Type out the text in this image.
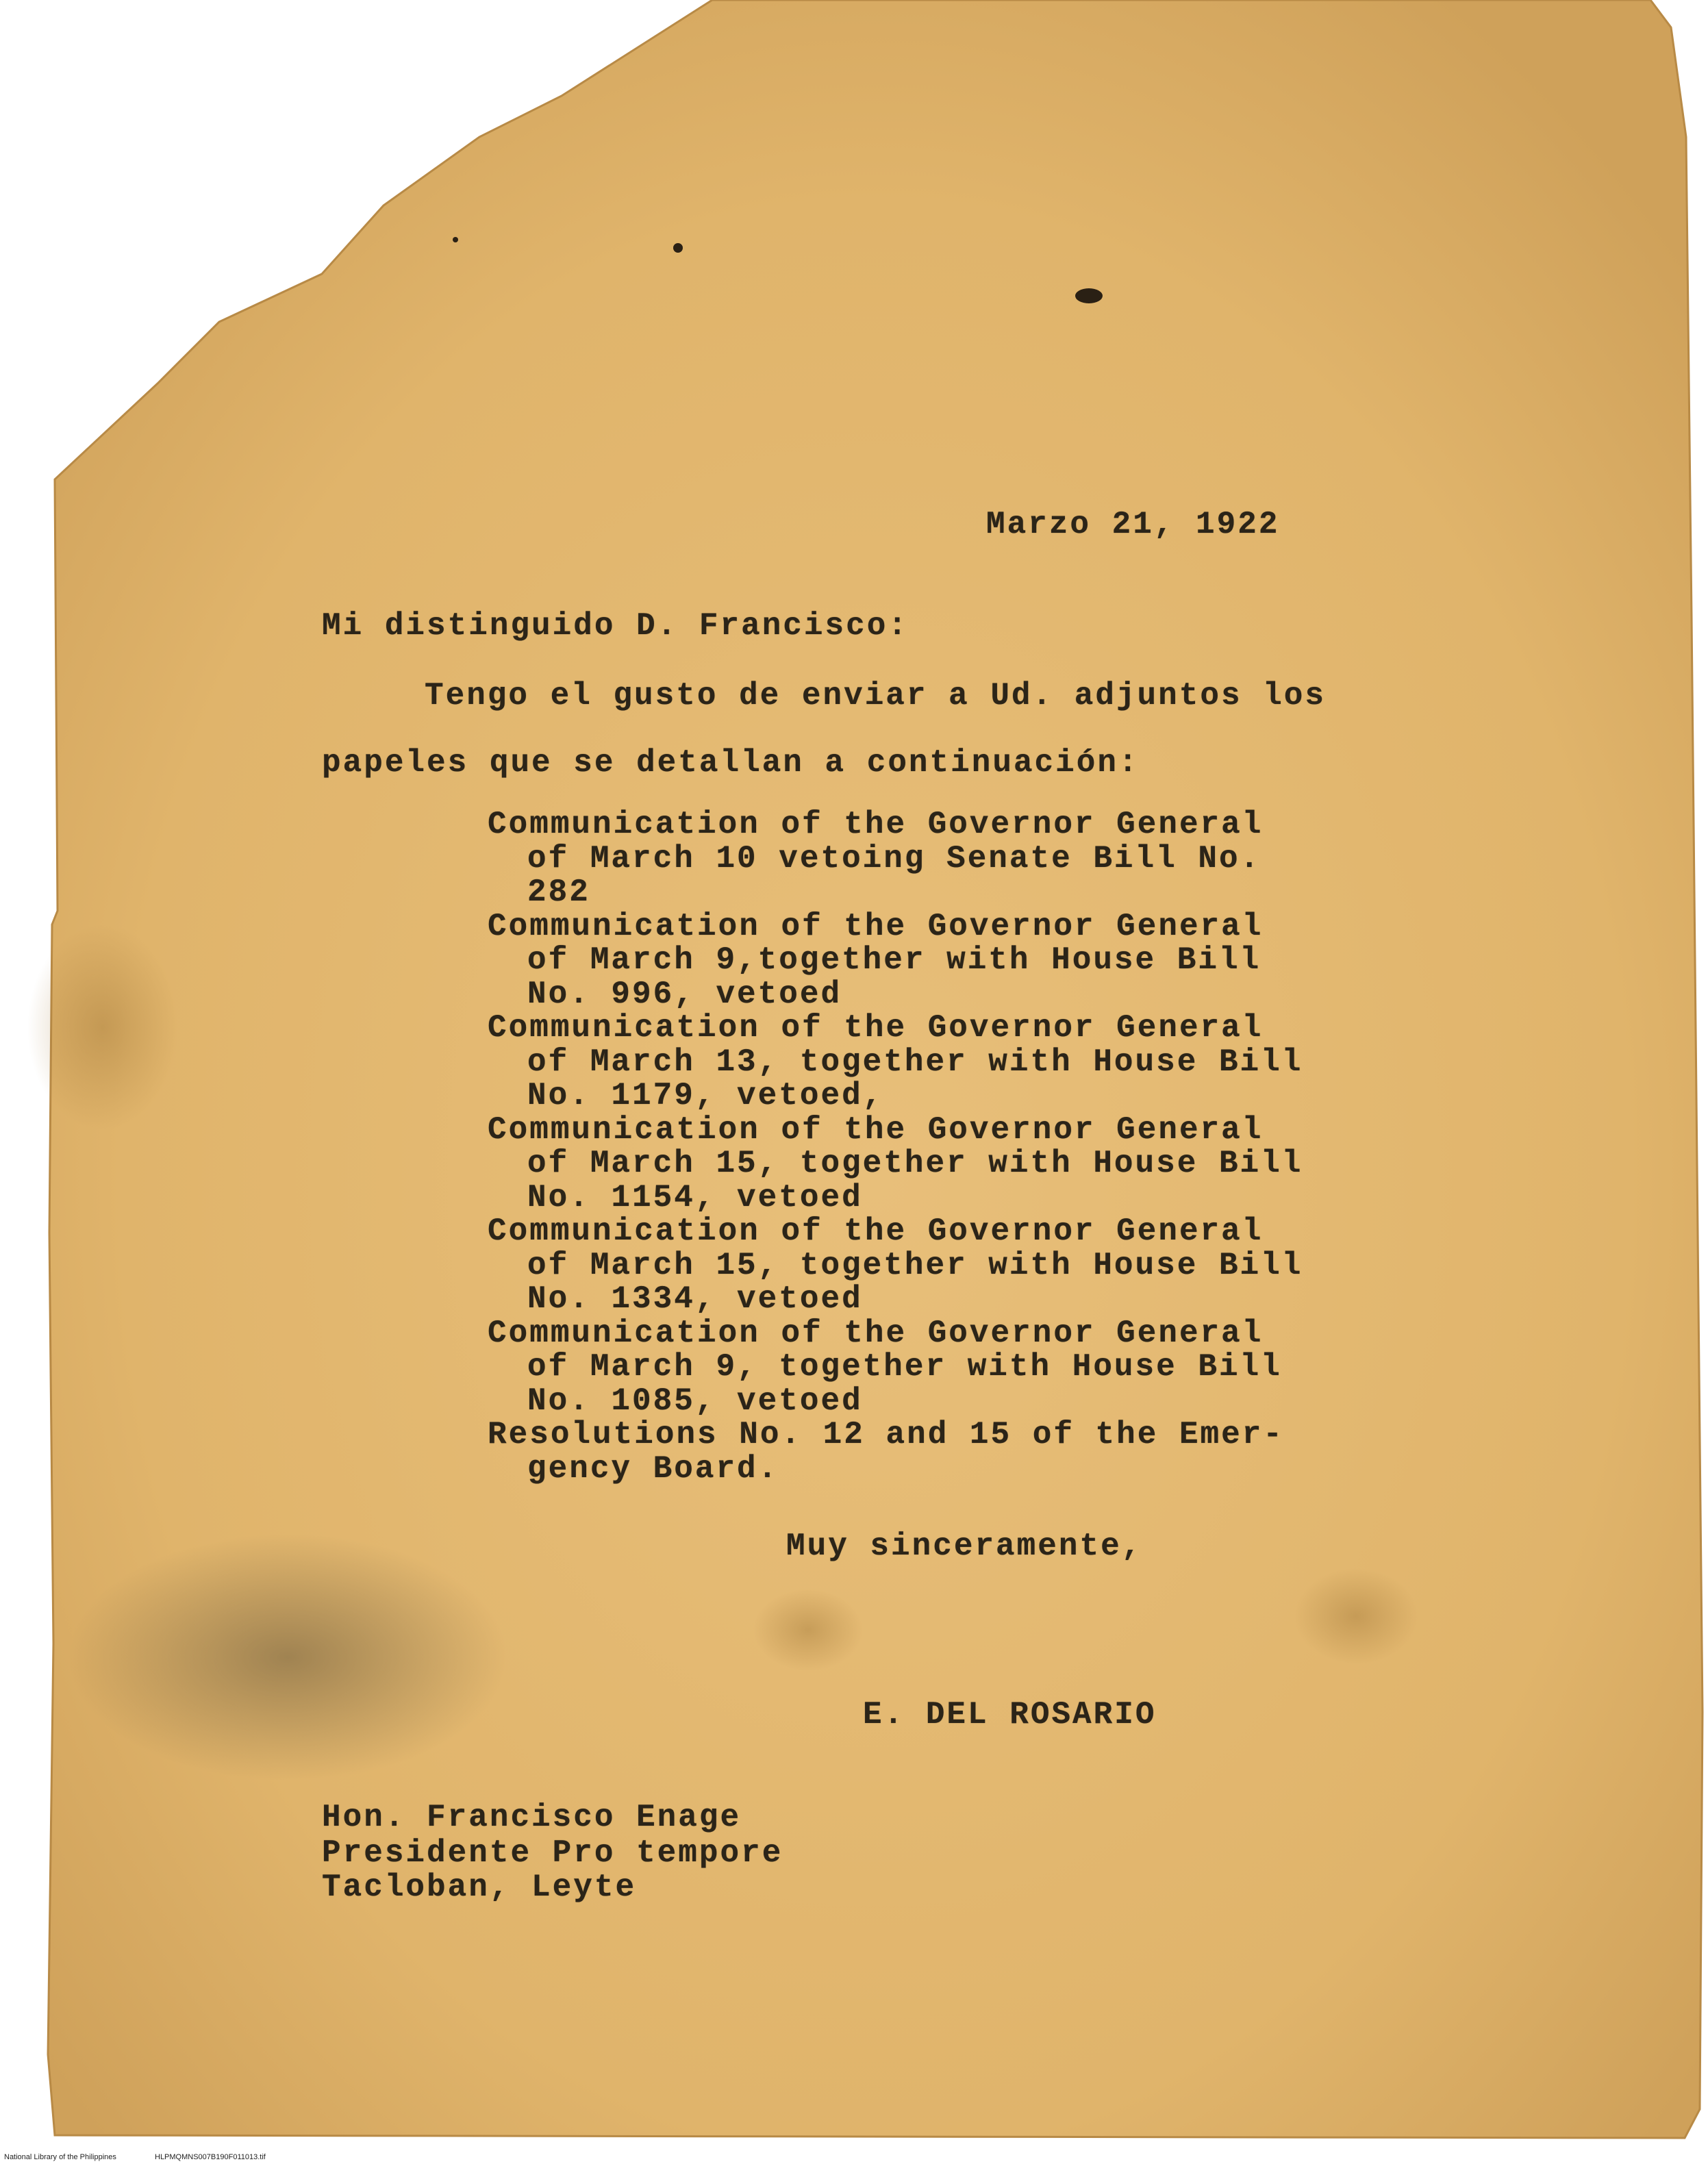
Marzo 21, 1922
Mi distinguido D. Francisco:
Tengo el gusto de enviar a Ud. adjuntos los
papeles que se detallan a continuación:
Communication of the Governor General
of March 10 vetoing Senate Bill No.
282
Communication of the Governor General
of March 9,together with House Bill
No. 996, vetoed
Communication of the Governor General
of March 13, together with House Bill
No. 1179, vetoed,
Communication of the Governor General
of March 15, together with House Bill
No. 1154, vetoed
Communication of the Governor General
of March 15, together with House Bill
No. 1334, vetoed
Communication of the Governor General
of March 9, together with House Bill
No. 1085, vetoed
Resolutions No. 12 and 15 of the Emer-
gency Board.
Muy sinceramente,
E. DEL ROSARIO
Hon. Francisco Enage
Presidente Pro tempore
Tacloban, Leyte
National Library of the Philippines	HLPMQMNS007B190F011013.tif
